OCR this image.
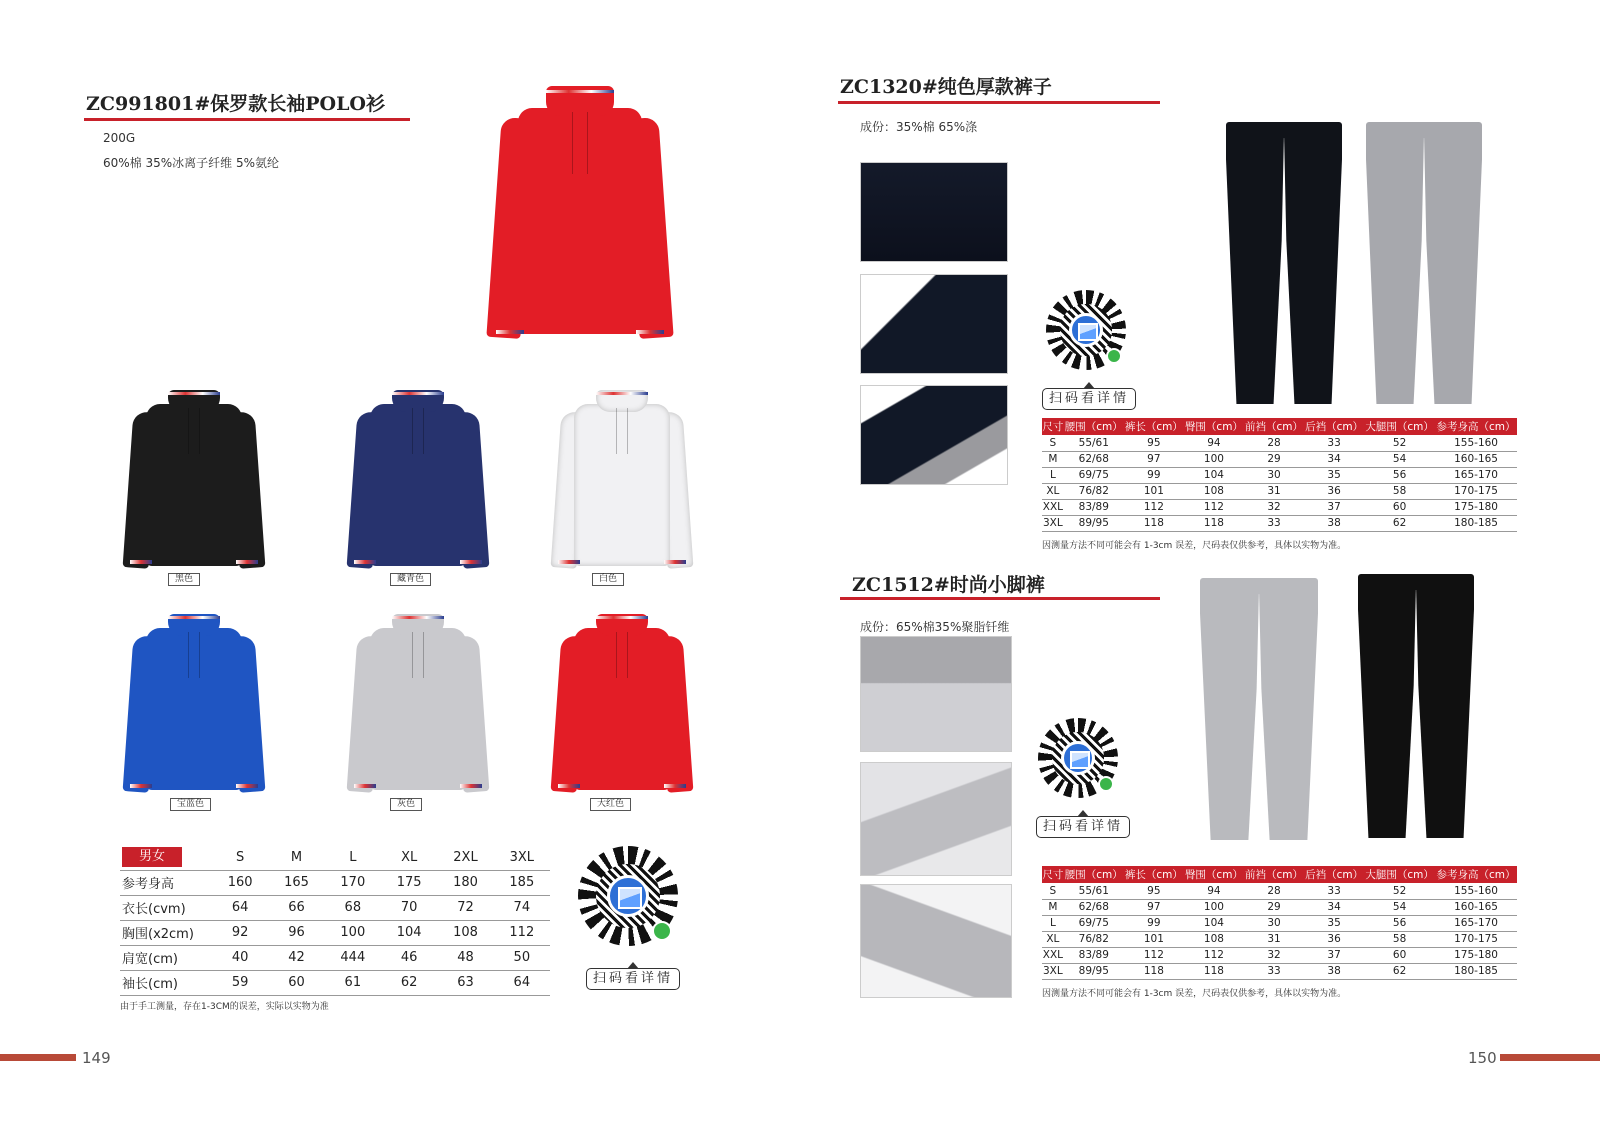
ZC991801#保罗款长袖POLO衫
200G
60%棉 35%冰离子纤维 5%氨纶
黑色	藏青色	白色
宝蓝色	灰色	大红色
男女	S	M	L	XL	2XL	3XL
参考身高	160	165	170	175	180	185
衣长(cvm)	64	66	68	70	72	74
胸围(x2cm)	92	96	100	104	108	112
肩宽(cm)	40	42	444	46	48	50
袖长(cm)	59	60	61	62	63	64
由于手工测量，存在1-3CM的误差，实际以实物为准
扫码看详情
149
ZC1320#纯色厚款裤子
成份：35%棉 65%涤
扫码看详情
尺寸	腰围（cm）	裤长（cm）	臀围（cm）	前裆（cm）	后裆（cm）	大腿围（cm）	参考身高（cm）
S	55/61	95	94	28	33	52	155-160
M	62/68	97	100	29	34	54	160-165
L	69/75	99	104	30	35	56	165-170
XL	76/82	101	108	31	36	58	170-175
XXL	83/89	112	112	32	37	60	175-180
3XL	89/95	118	118	33	38	62	180-185
因测量方法不同可能会有 1-3cm 误差，尺码表仅供参考，具体以实物为准。
ZC1512#时尚小脚裤
成份：65%棉35%聚脂钎维
扫码看详情
尺寸	腰围（cm）	裤长（cm）	臀围（cm）	前裆（cm）	后裆（cm）	大腿围（cm）	参考身高（cm）
S	55/61	95	94	28	33	52	155-160
M	62/68	97	100	29	34	54	160-165
L	69/75	99	104	30	35	56	165-170
XL	76/82	101	108	31	36	58	170-175
XXL	83/89	112	112	32	37	60	175-180
3XL	89/95	118	118	33	38	62	180-185
因测量方法不同可能会有 1-3cm 误差，尺码表仅供参考，具体以实物为准。
150
